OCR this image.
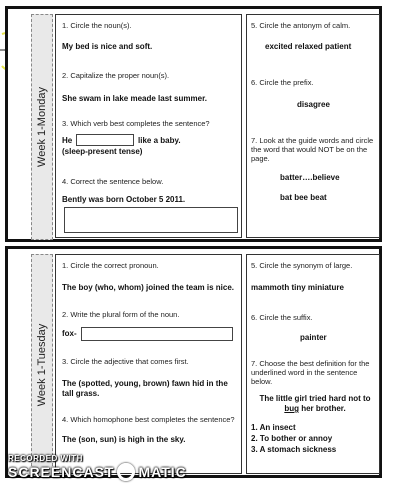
Week 1-Monday
1. Circle the noun(s).
My bed is nice and soft.
2. Capitalize the proper noun(s).
She swam in lake meade last summer.
3. Which verb best completes the sentence?
He	like a baby.
(sleep-present tense)
4. Correct the sentence below.
Bently was born October 5 2011.
5. Circle the antonym of calm.
excited relaxed patient
6. Circle the prefix.
disagree
7. Look at the guide words and circle the word that would NOT be on the page.
batter….believe
bat bee beat
Week 1-Tuesday
1. Circle the correct pronoun.
The boy (who, whom) joined the team is nice.
2. Write the plural form of the noun.
fox-
3. Circle the adjective that comes first.
The (spotted, young, brown) fawn hid in the tall grass.
4. Which homophone best completes the sentence?
The (son, sun) is high in the sky.
5. Circle the synonym of large.
mammoth tiny miniature
6. Circle the suffix.
painter
7. Choose the best definition for the underlined word in the sentence below.
The little girl tried hard not to bug her brother.
1. An insect
2. To bother or annoy
3. A stomach sickness
RECORDED WITH
SCREENCAST MATIC
